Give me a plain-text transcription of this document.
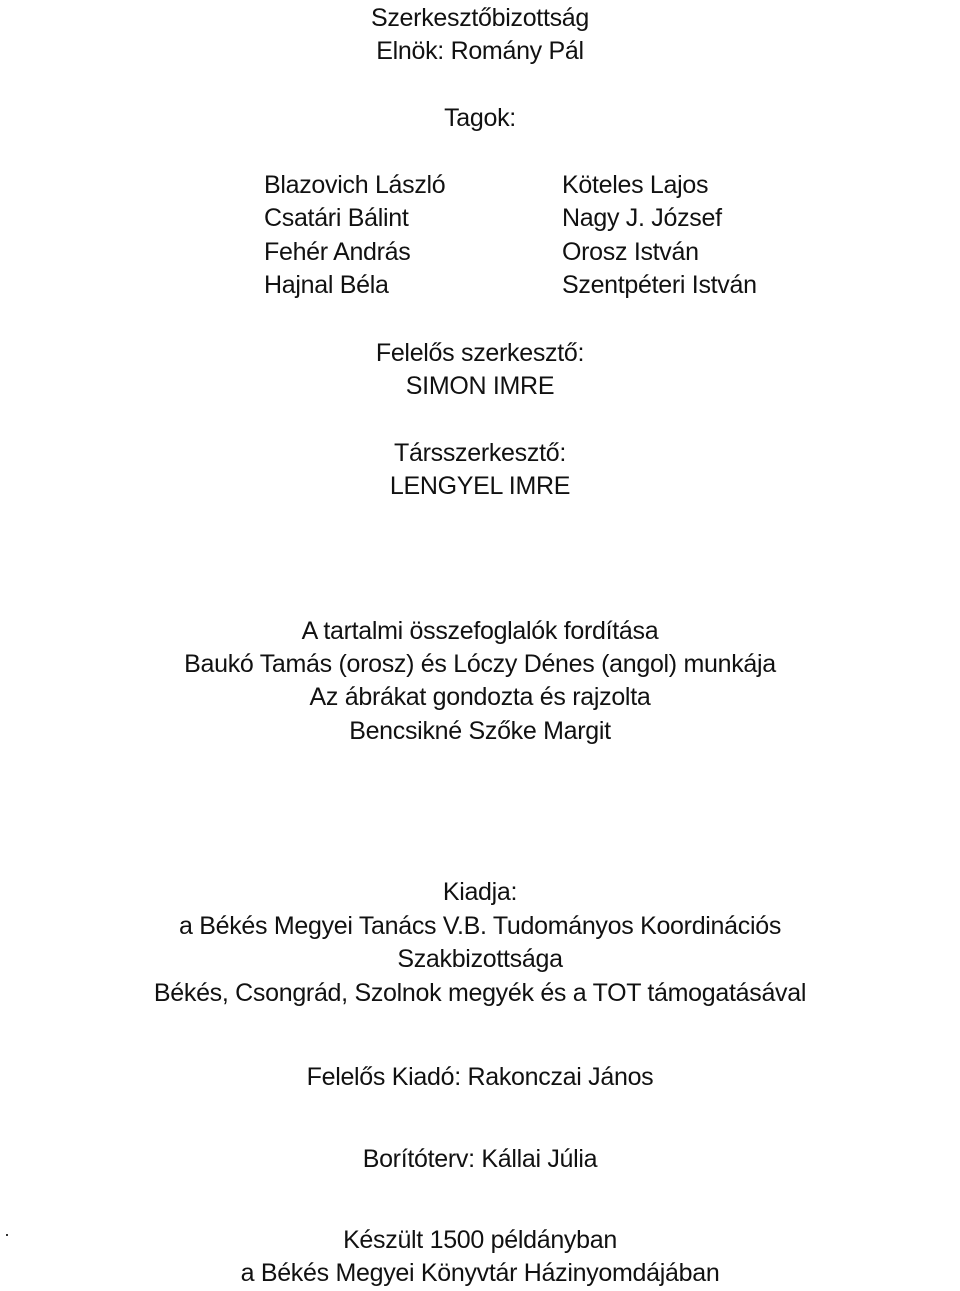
Szerkesztőbizottság
Elnök: Romány Pál
Tagok:
Blazovich László
Csatári Bálint
Fehér András
Hajnal Béla
Köteles Lajos
Nagy J. József
Orosz István
Szentpéteri István
Felelős szerkesztő:
SIMON IMRE
Társszerkesztő:
LENGYEL IMRE
A tartalmi összefoglalók fordítása
Baukó Tamás (orosz) és Lóczy Dénes (angol) munkája
Az ábrákat gondozta és rajzolta
Bencsikné Szőke Margit
Kiadja:
a Békés Megyei Tanács V.B. Tudományos Koordinációs
Szakbizottsága
Békés, Csongrád, Szolnok megyék és a TOT támogatásával
Felelős Kiadó: Rakonczai János
Borítóterv: Kállai Júlia
Készült 1500 példányban
a Békés Megyei Könyvtár Házinyomdájában
